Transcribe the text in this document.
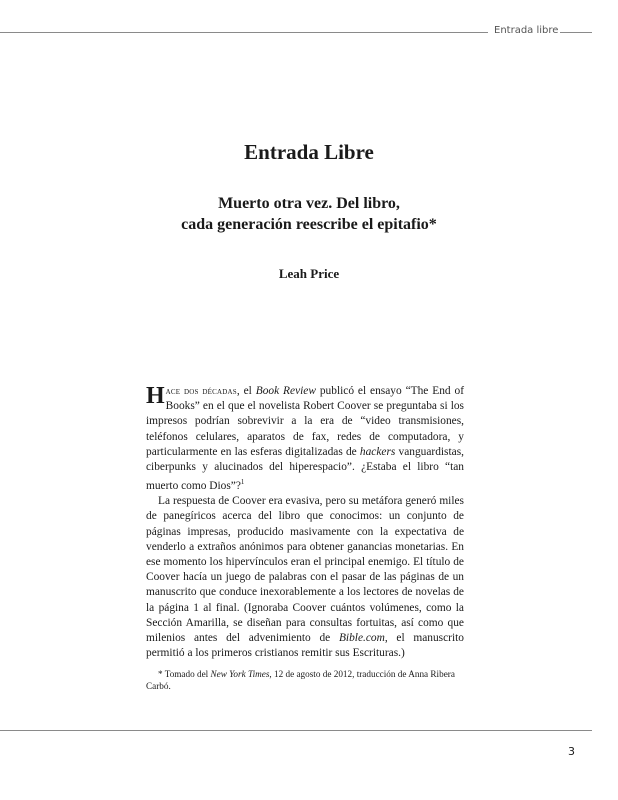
Entrada libre
Entrada Libre
Muerto otra vez. Del libro,
cada generación reescribe el epitafio*
Leah Price

Hace dos décadas, el Book Review publicó el ensayo “The End of Books” en el que el novelista Robert Coover se preguntaba si los impresos podrían sobrevivir a la era de “video transmisiones, teléfonos celulares, aparatos de fax, redes de computadora, y particularmente en las esferas digitalizadas de hackers vanguardistas, ciberpunks y alucinados del hiperespacio”. ¿Estaba el libro “tan muerto como Dios”?$^1$

La respuesta de Coover era evasiva, pero su metáfora generó miles de panegíricos acerca del libro que conocimos: un conjunto de páginas impresas, producido masivamente con la expectativa de venderlo a extraños anónimos para obtener ganancias monetarias. En ese momento los hipervínculos eran el principal enemigo. El título de Coover hacía un juego de palabras con el pasar de las páginas de un manuscrito que conduce inexorablemente a los lectores de novelas de la página 1 al final. (Ignoraba Coover cuántos volúmenes, como la Sección Amarilla, se diseñan para consultas fortuitas, así como que milenios antes del advenimiento de Bible.com, el manuscrito permitió a los primeros cristianos remitir sus Escrituras.)

* Tomado del New York Times, 12 de agosto de 2012, traducción de Anna Ribera Carbó.
3
